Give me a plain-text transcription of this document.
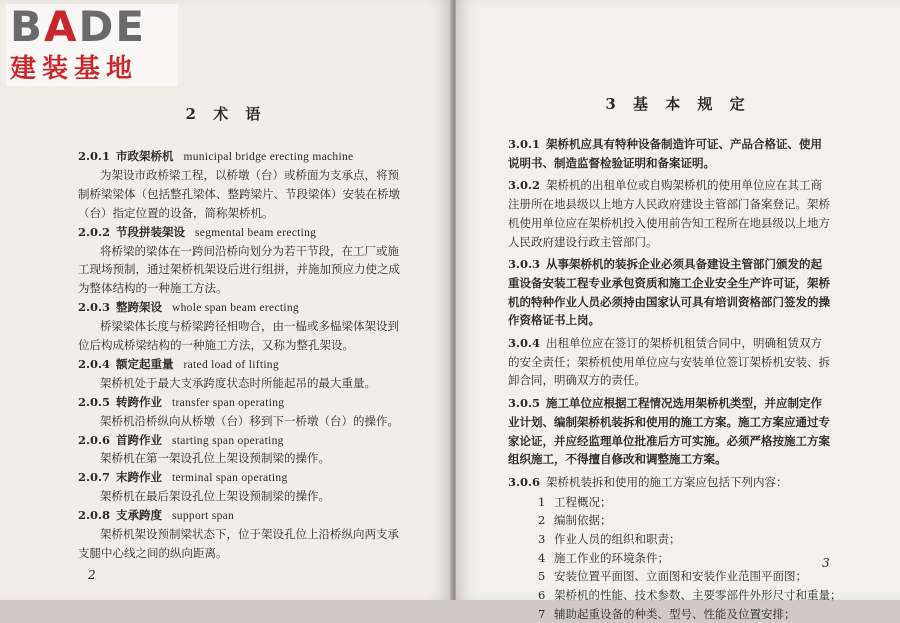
BADE
建装基地
2 术 语
2
2.0.1 市政架桥机 municipal bridge erecting machine
为架设市政桥梁工程，以桥墩（台）或桥面为支承点，将预
制桥梁梁体（包括整孔梁体、整跨梁片、节段梁体）安装在桥墩
（台）指定位置的设备，简称架桥机。
2.0.2 节段拼装架设 segmental beam erecting
将桥梁的梁体在一跨间沿桥向划分为若干节段，在工厂或施
工现场预制，通过架桥机架设后进行组拼，并施加预应力使之成
为整体结构的一种施工方法。
2.0.3 整跨架设 whole span beam erecting
桥梁梁体长度与桥梁跨径相吻合，由一榀或多榀梁体架设到
位后构成桥梁结构的一种施工方法，又称为整孔架设。
2.0.4 额定起重量 rated load of lifting
架桥机处于最大支承跨度状态时所能起吊的最大重量。
2.0.5 转跨作业 transfer span operating
架桥机沿桥纵向从桥墩（台）移到下一桥墩（台）的操作。
2.0.6 首跨作业 starting span operating
架桥机在第一架设孔位上架设预制梁的操作。
2.0.7 末跨作业 terminal span operating
架桥机在最后架设孔位上架设预制梁的操作。
2.0.8 支承跨度 support span
架桥机架设预制梁状态下，位于架设孔位上沿桥纵向两支承
支腿中心线之间的纵向距离。
3 基 本 规 定
3
3.0.1 架桥机应具有特种设备制造许可证、产品合格证、使用
说明书、制造监督检验证明和备案证明。
3.0.2 架桥机的出租单位或自购架桥机的使用单位应在其工商
注册所在地县级以上地方人民政府建设主管部门备案登记。架桥
机使用单位应在架桥机投入使用前告知工程所在地县级以上地方
人民政府建设行政主管部门。
3.0.3 从事架桥机的装拆企业必须具备建设主管部门颁发的起
重设备安装工程专业承包资质和施工企业安全生产许可证，架桥
机的特种作业人员必须持由国家认可具有培训资格部门签发的操
作资格证书上岗。
3.0.4 出租单位应在签订的架桥机租赁合同中，明确租赁双方
的安全责任；架桥机使用单位应与安装单位签订架桥机安装、拆
卸合同，明确双方的责任。
3.0.5 施工单位应根据工程情况选用架桥机类型，并应制定作
业计划、编制架桥机装拆和使用的施工方案。施工方案应通过专
家论证，并应经监理单位批准后方可实施。必须严格按施工方案
组织施工，不得擅自修改和调整施工方案。
3.0.6 架桥机装拆和使用的施工方案应包括下列内容：
1 工程概况；
2 编制依据；
3 作业人员的组织和职责；
4 施工作业的环境条件；
5 安装位置平面图、立面图和安装作业范围平面图；
6 架桥机的性能、技术参数、主要零部件外形尺寸和重量；
7 辅助起重设备的种类、型号、性能及位置安排；
